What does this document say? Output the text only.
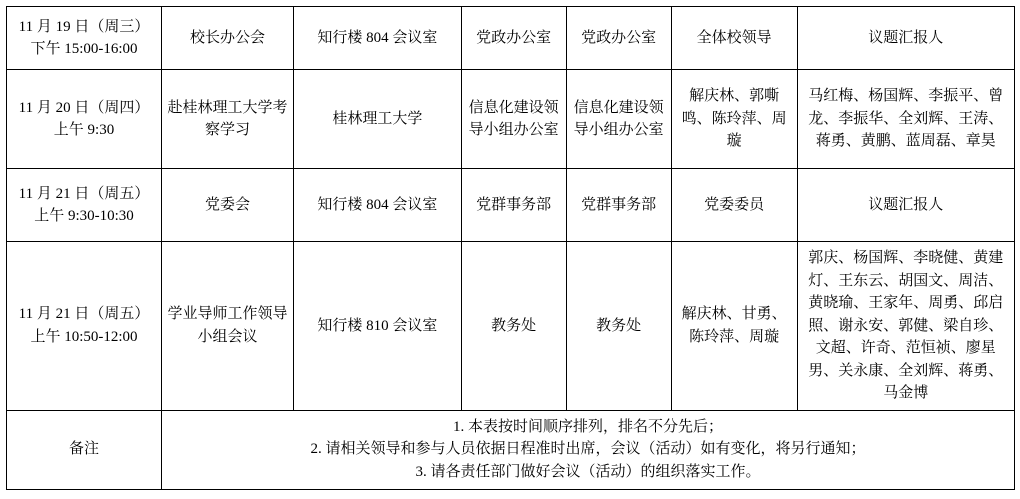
11 月 19 日（周三）
下午 15:00-16:00	校长办公会	知行楼 804 会议室	党政办公室	党政办公室	全体校领导	议题汇报人

11 月 20 日（周四）
上午 9:30	赴桂林理工大学考察学习	桂林理工大学	信息化建设领导小组办公室	信息化建设领导小组办公室	解庆林、郭嘶鸣、陈玲萍、周璇	马红梅、杨国辉、李振平、曾龙、李振华、全刘辉、王涛、蒋勇、黄鹏、蓝周磊、章昊

11 月 21 日（周五）
上午 9:30-10:30	党委会	知行楼 804 会议室	党群事务部	党群事务部	党委委员	议题汇报人

11 月 21 日（周五）
上午 10:50-12:00	学业导师工作领导小组会议	知行楼 810 会议室	教务处	教务处	解庆林、甘勇、陈玲萍、周璇	郭庆、杨国辉、李晓健、黄建灯、王东云、胡国文、周洁、黄晓瑜、王家年、周勇、邱启照、谢永安、郭健、梁自珍、文超、许奇、范恒祯、廖星男、关永康、全刘辉、蒋勇、马金博
备注	1. 本表按时间顺序排列，排名不分先后；
2. 请相关领导和参与人员依据日程准时出席，会议（活动）如有变化，将另行通知；
3. 请各责任部门做好会议（活动）的组织落实工作。					
